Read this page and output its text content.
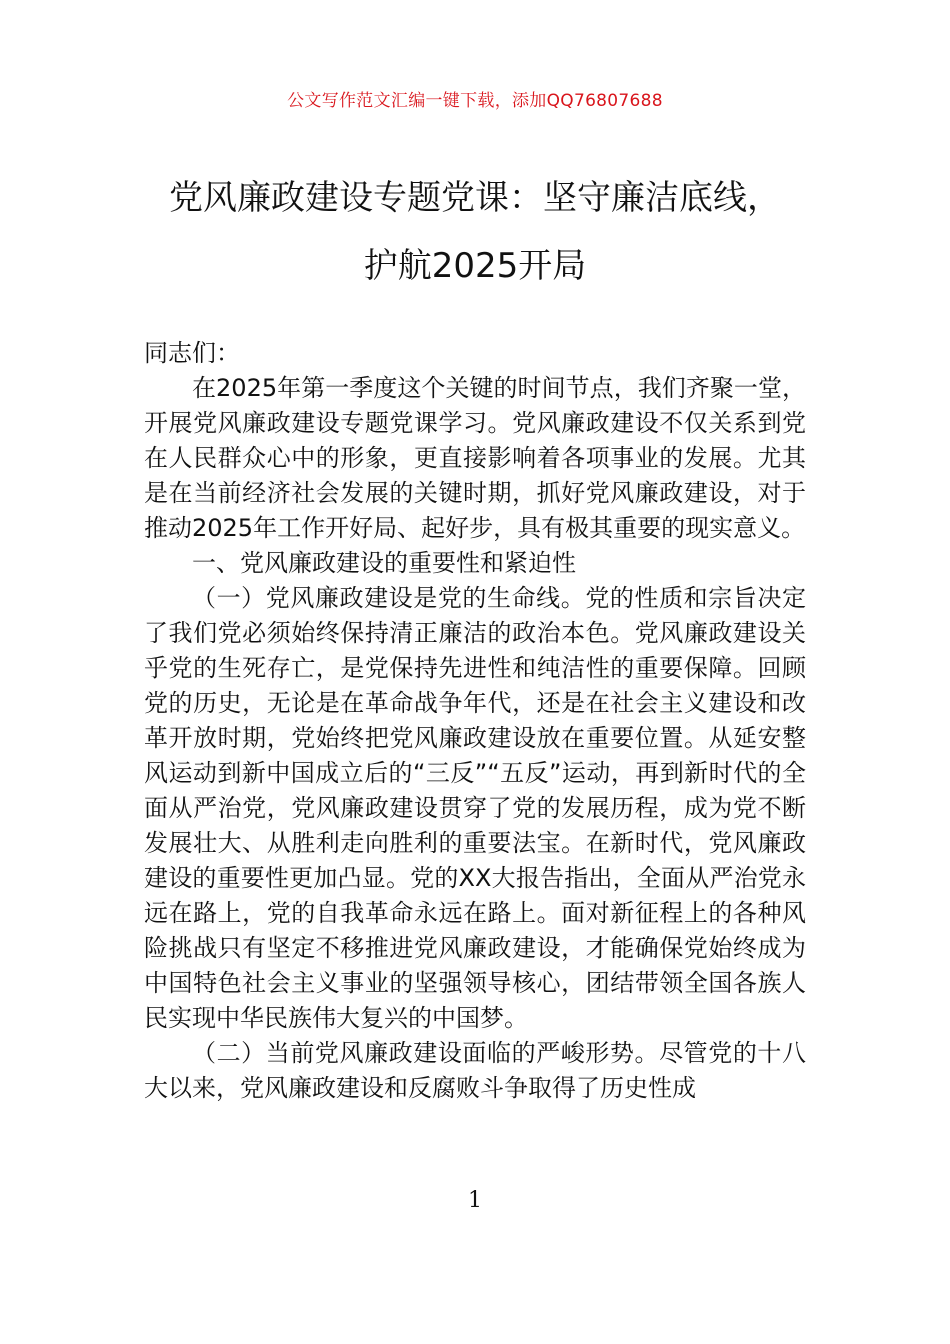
公文写作范文汇编一键下载，添加QQ76807688
党风廉政建设专题党课：坚守廉洁底线，
护航2025开局

同志们：

在2025年第一季度这个关键的时间节点，我们齐聚一堂，开展党风廉政建设专题党课学习。党风廉政建设不仅关系到党在人民群众心中的形象，更直接影响着各项事业的发展。尤其是在当前经济社会发展的关键时期，抓好党风廉政建设，对于推动2025年工作开好局、起好步，具有极其重要的现实意义。

一、党风廉政建设的重要性和紧迫性

（一）党风廉政建设是党的生命线。党的性质和宗旨决定了我们党必须始终保持清正廉洁的政治本色。党风廉政建设关乎党的生死存亡，是党保持先进性和纯洁性的重要保障。回顾党的历史，无论是在革命战争年代，还是在社会主义建设和改革开放时期，党始终把党风廉政建设放在重要位置。从延安整风运动到新中国成立后的“三反”“五反”运动，再到新时代的全面从严治党，党风廉政建设贯穿了党的发展历程，成为党不断发展壮大、从胜利走向胜利的重要法宝。在新时代，党风廉政建设的重要性更加凸显。党的XX大报告指出，全面从严治党永远在路上，党的自我革命永远在路上。面对新征程上的各种风险挑战只有坚定不移推进党风廉政建设，才能确保党始终成为中国特色社会主义事业的坚强领导核心，团结带领全国各族人民实现中华民族伟大复兴的中国梦。

（二）当前党风廉政建设面临的严峻形势。尽管党的十八大以来，党风廉政建设和反腐败斗争取得了历史性成

1
